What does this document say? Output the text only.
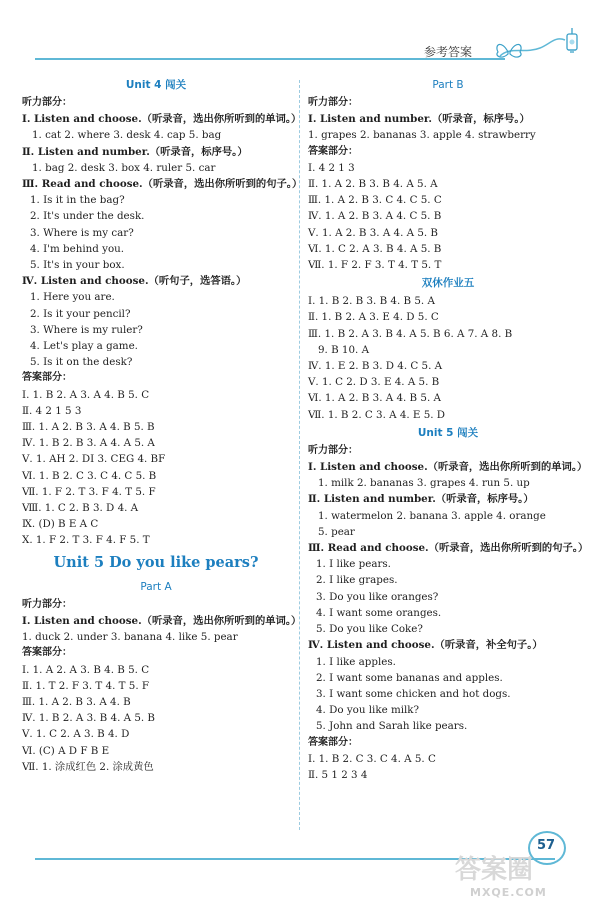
参考答案
Unit 4 闯关
听力部分：
Ⅰ. Listen and choose.（听录音，选出你所听到的单词。）
1. cat 2. where 3. desk 4. cap 5. bag
Ⅱ. Listen and number.（听录音，标序号。）
1. bag 2. desk 3. box 4. ruler 5. car
Ⅲ. Read and choose.（听录音，选出你所听到的句子。）
1. Is it in the bag?
2. It's under the desk.
3. Where is my car?
4. I'm behind you.
5. It's in your box.
Ⅳ. Listen and choose.（听句子，选答语。）
1. Here you are.
2. Is it your pencil?
3. Where is my ruler?
4. Let's play a game.
5. Is it on the desk?
答案部分：
Ⅰ. 1. B 2. A 3. A 4. B 5. C
Ⅱ. 4 2 1 5 3
Ⅲ. 1. A 2. B 3. A 4. B 5. B
Ⅳ. 1. B 2. B 3. A 4. A 5. A
Ⅴ. 1. AH 2. DI 3. CEG 4. BF
Ⅵ. 1. B 2. C 3. C 4. C 5. B
Ⅶ. 1. F 2. T 3. F 4. T 5. F
Ⅷ. 1. C 2. B 3. D 4. A
Ⅸ. (D) B E A C
Ⅹ. 1. F 2. T 3. F 4. F 5. T
Unit 5 Do you like pears?
Part A
听力部分：
Ⅰ. Listen and choose.（听录音，选出你所听到的单词。）
1. duck 2. under 3. banana 4. like 5. pear
答案部分：
Ⅰ. 1. A 2. A 3. B 4. B 5. C
Ⅱ. 1. T 2. F 3. T 4. T 5. F
Ⅲ. 1. A 2. B 3. A 4. B
Ⅳ. 1. B 2. A 3. B 4. A 5. B
Ⅴ. 1. C 2. A 3. B 4. D
Ⅵ. (C) A D F B E
Ⅶ. 1. 涂成红色 2. 涂成黄色
Part B
听力部分：
Ⅰ. Listen and number.（听录音，标序号。）
1. grapes 2. bananas 3. apple 4. strawberry
答案部分：
Ⅰ. 4 2 1 3
Ⅱ. 1. A 2. B 3. B 4. A 5. A
Ⅲ. 1. A 2. B 3. C 4. C 5. C
Ⅳ. 1. A 2. B 3. A 4. C 5. B
Ⅴ. 1. A 2. B 3. A 4. A 5. B
Ⅵ. 1. C 2. A 3. B 4. A 5. B
Ⅶ. 1. F 2. F 3. T 4. T 5. T
双休作业五
Ⅰ. 1. B 2. B 3. B 4. B 5. A
Ⅱ. 1. B 2. A 3. E 4. D 5. C
Ⅲ. 1. B 2. A 3. B 4. A 5. B 6. A 7. A 8. B
9. B 10. A
Ⅳ. 1. E 2. B 3. D 4. C 5. A
Ⅴ. 1. C 2. D 3. E 4. A 5. B
Ⅵ. 1. A 2. B 3. A 4. B 5. A
Ⅶ. 1. B 2. C 3. A 4. E 5. D
Unit 5 闯关
听力部分：
Ⅰ. Listen and choose.（听录音，选出你所听到的单词。）
1. milk 2. bananas 3. grapes 4. run 5. up
Ⅱ. Listen and number.（听录音，标序号。）
1. watermelon 2. banana 3. apple 4. orange
5. pear
Ⅲ. Read and choose.（听录音，选出你所听到的句子。）
1. I like pears.
2. I like grapes.
3. Do you like oranges?
4. I want some oranges.
5. Do you like Coke?
Ⅳ. Listen and choose.（听录音，补全句子。）
1. I like apples.
2. I want some bananas and apples.
3. I want some chicken and hot dogs.
4. Do you like milk?
5. John and Sarah like pears.
答案部分：
Ⅰ. 1. B 2. C 3. C 4. A 5. C
Ⅱ. 5 1 2 3 4
57
答案圈
MXQE.COM
